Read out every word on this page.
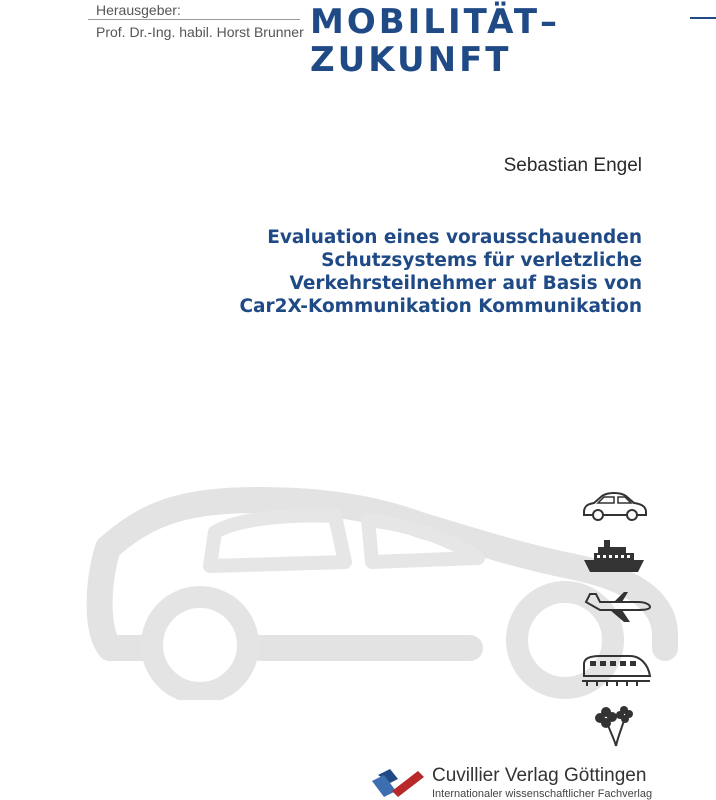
Herausgeber:
Prof. Dr.-Ing. habil. Horst Brunner MOBILITÄT–
ZUKUNFT
Sebastian Engel
Evaluation eines vorausschauenden
Schutzsystems für verletzliche
Verkehrsteilnehmer auf Basis von
Car2X-Kommunikation Kommunikation
Cuvillier Verlag Göttingen
Internationaler wissenschaftlicher Fachverlag
